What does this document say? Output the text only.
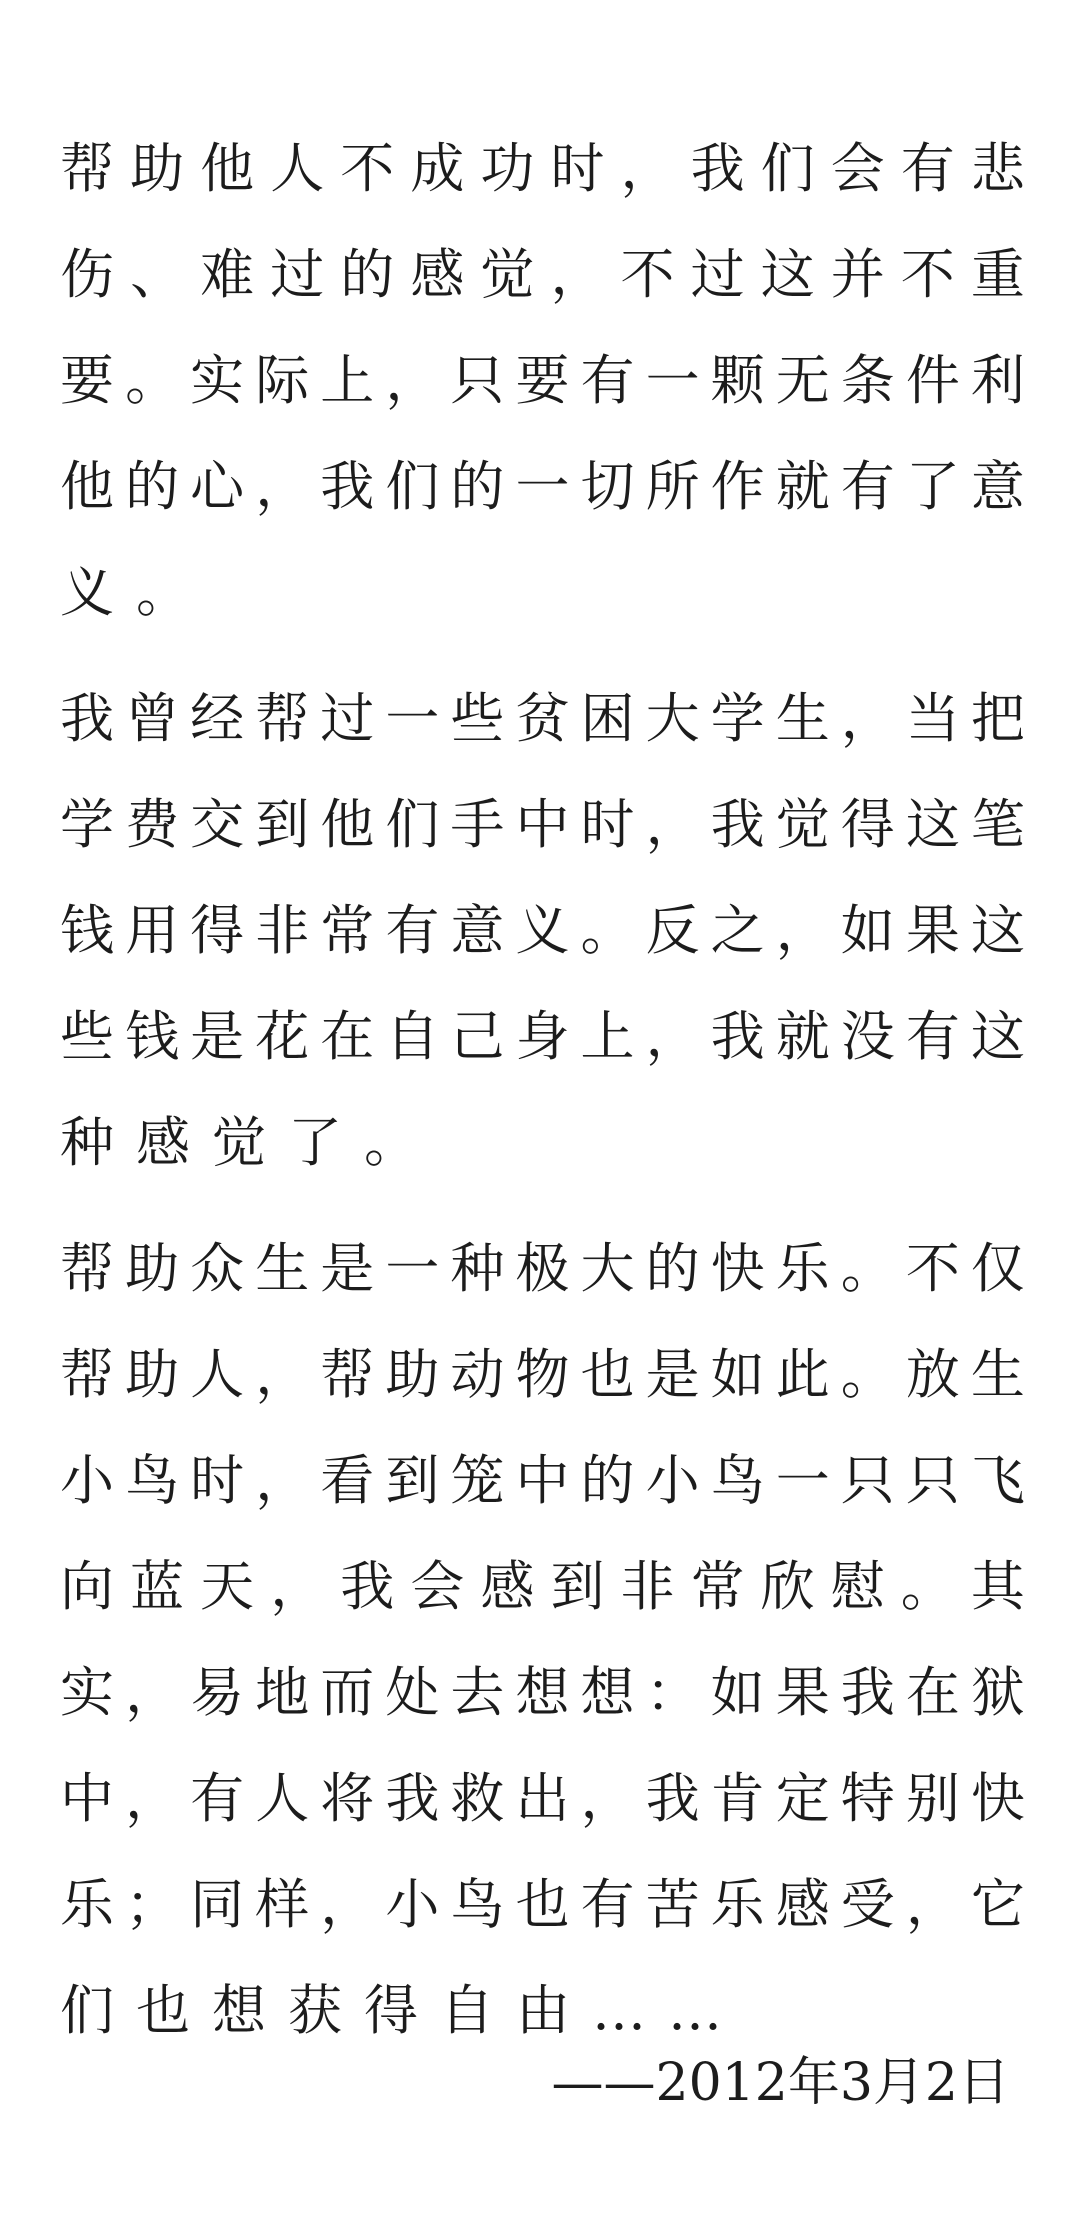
帮 助 他 人 不 成 功 时 ， 我 们 会 有 悲
伤 、 难 过 的 感 觉 ， 不 过 这 并 不 重
要 。 实 际 上 ， 只 要 有 一 颗 无 条 件 利
他 的 心 ， 我 们 的 一 切 所 作 就 有 了 意
义。
我 曾 经 帮 过 一 些 贫 困 大 学 生 ， 当 把
学 费 交 到 他 们 手 中 时 ， 我 觉 得 这 笔
钱 用 得 非 常 有 意 义 。 反 之 ， 如 果 这
些 钱 是 花 在 自 己 身 上 ， 我 就 没 有 这
种感觉了。
帮 助 众 生 是 一 种 极 大 的 快 乐 。 不 仅
帮 助 人 ， 帮 助 动 物 也 是 如 此 。 放 生
小 鸟 时 ， 看 到 笼 中 的 小 鸟 一 只 只 飞
向 蓝 天 ， 我 会 感 到 非 常 欣 慰 。 其
实 ， 易 地 而 处 去 想 想 ： 如 果 我 在 狱
中 ， 有 人 将 我 救 出 ， 我 肯 定 特 别 快
乐 ； 同 样 ， 小 鸟 也 有 苦 乐 感 受 ， 它
们也想获得自由……
——2012年3月2日
